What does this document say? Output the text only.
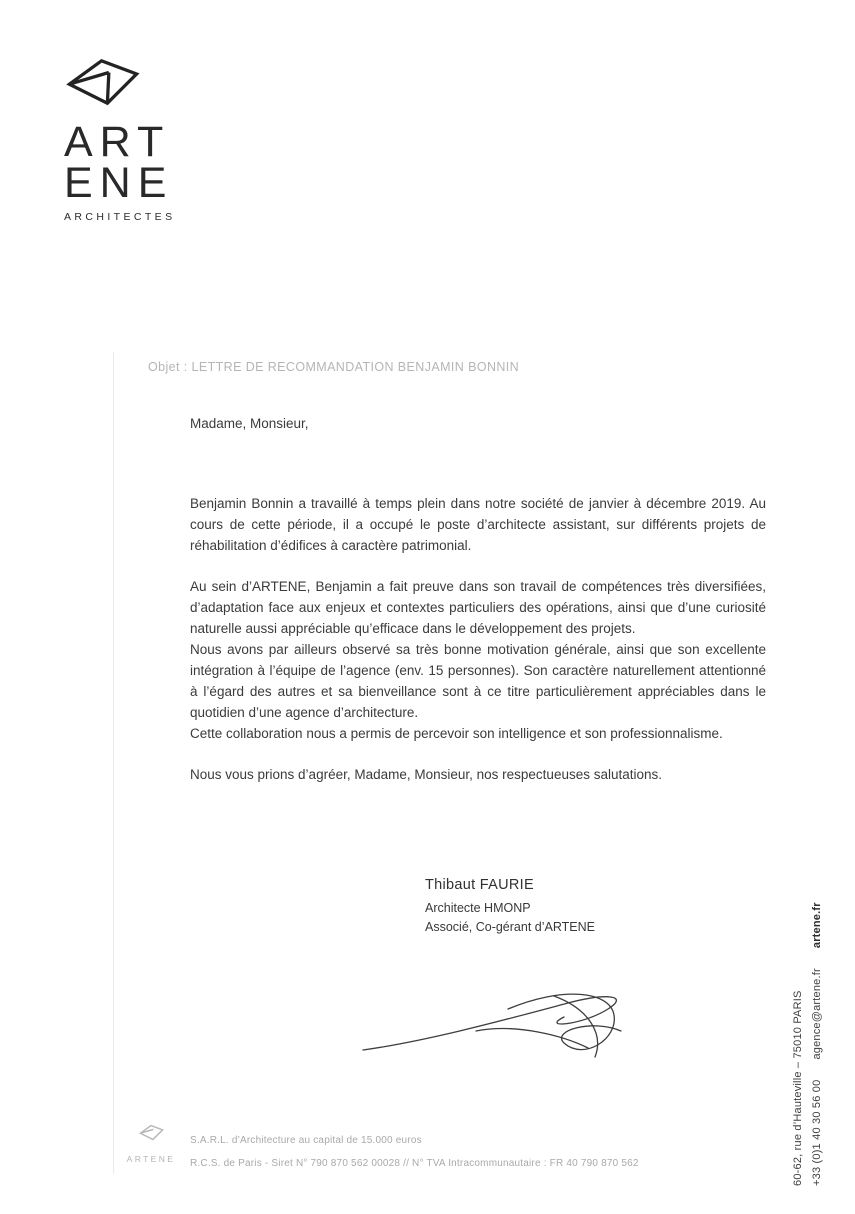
ART
ENE
ARCHITECTES
Objet : LETTRE DE RECOMMANDATION BENJAMIN BONNIN

Madame, Monsieur,

Benjamin Bonnin a travaillé à temps plein dans notre société de janvier à décembre 2019. Au cours de cette période, il a occupé le poste d’architecte assistant, sur différents projets de réhabilitation d’édifices à caractère patrimonial.

Au sein d’ARTENE, Benjamin a fait preuve dans son travail de compétences très diversifiées, d’adaptation face aux enjeux et contextes particuliers des opérations, ainsi que d’une curiosité naturelle aussi appréciable qu’efficace dans le développement des projets.

Nous avons par ailleurs observé sa très bonne motivation générale, ainsi que son excellente intégration à l’équipe de l’agence (env. 15 personnes). Son caractère naturellement attentionné à l’égard des autres et sa bienveillance sont à ce titre particulièrement appréciables dans le quotidien d’une agence d’architecture.

Cette collaboration nous a permis de percevoir son intelligence et son professionnalisme.

Nous vous prions d’agréer, Madame, Monsieur, nos respectueuses salutations.

Thibaut FAURIE
Architecte HMONP
Associé, Co-gérant d’ARTENE
ARTENE
S.A.R.L. d’Architecture au capital de 15.000 euros
R.C.S. de Paris - Siret N° 790 870 562 00028 // N° TVA Intracommunautaire : FR 40 790 870 562	60-62, rue d’Hauteville – 75010 PARIS +33 (0)1 40 30 56 00agence@artene.frartene.fr
